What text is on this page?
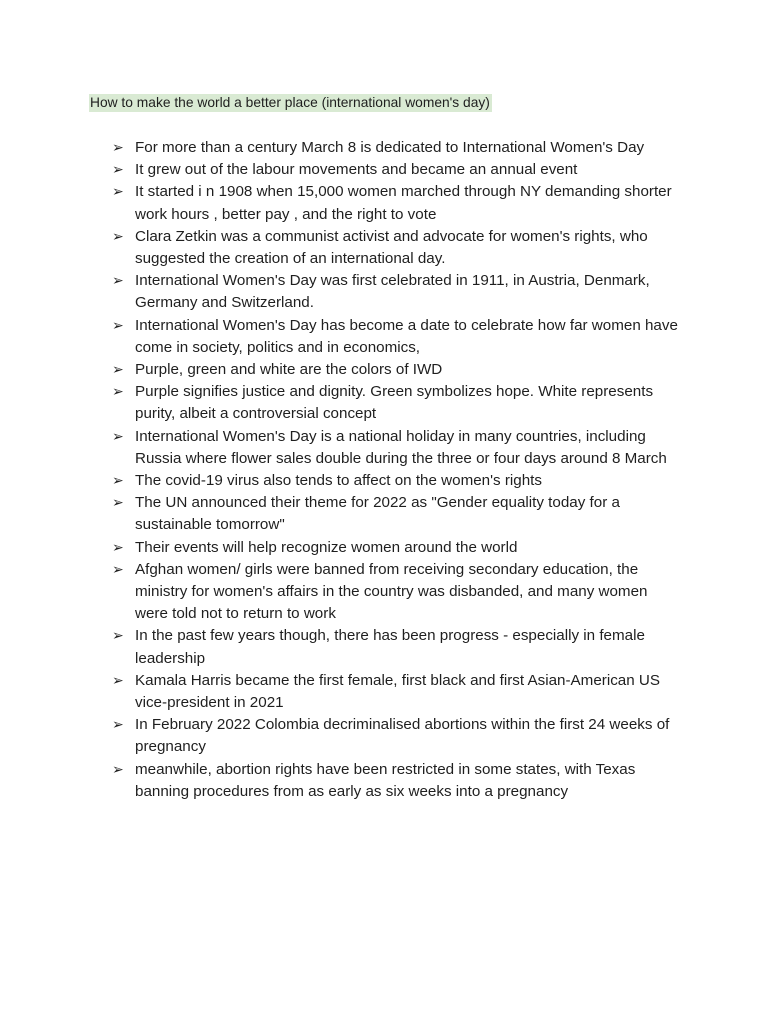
How to make the world a better place (international women's day)
➢ For more than a century March 8 is dedicated to International Women's Day
➢ It grew out of the labour movements and became an annual event
➢ It started i n 1908 when 15,000 women marched through NY demanding shorter work hours , better pay , and the right to vote
➢ Clara Zetkin was a communist activist and advocate for women's rights, who suggested the creation of an international day.
➢ International Women's Day was first celebrated in 1911, in Austria, Denmark, Germany and Switzerland.
➢ International Women's Day has become a date to celebrate how far women have come in society, politics and in economics,
➢ Purple, green and white are the colors of IWD
➢ Purple signifies justice and dignity. Green symbolizes hope. White represents purity, albeit a controversial concept
➢ International Women's Day is a national holiday in many countries, including Russia where flower sales double during the three or four days around 8 March
➢ The covid-19 virus also tends to affect on the women's rights
➢ The UN announced their theme for 2022 as "Gender equality today for a sustainable tomorrow"
➢ Their events will help recognize women around the world
➢ Afghan women/ girls were banned from receiving secondary education, the ministry for women's affairs in the country was disbanded, and many women were told not to return to work
➢ In the past few years though, there has been progress - especially in female leadership
➢ Kamala Harris became the first female, first black and first Asian-American US vice-president in 2021
➢ In February 2022 Colombia decriminalised abortions within the first 24 weeks of pregnancy
➢ meanwhile, abortion rights have been restricted in some states, with Texas banning procedures from as early as six weeks into a pregnancy
